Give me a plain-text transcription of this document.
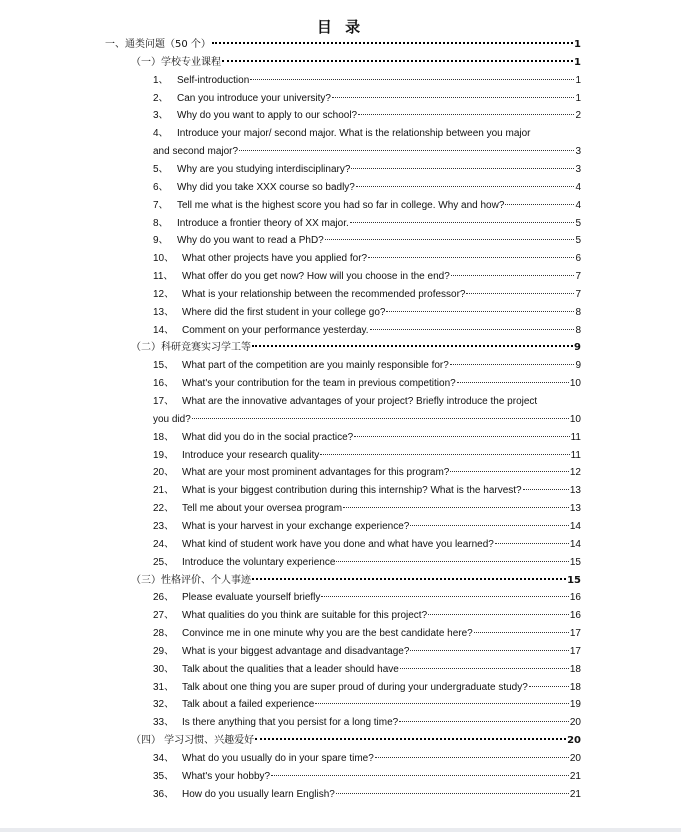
目 录
一、通类问题（50 个）	1
（一）学校专业课程	1
1、 Self-introduction	1
2、 Can you introduce your university?	1
3、 Why do you want to apply to our school?	2
4、 Introduce your major/ second major. What is the relationship between you major
and second major?	3
5、 Why are you studying interdisciplinary?	3
6、 Why did you take XXX course so badly?	4
7、 Tell me what is the highest score you had so far in college. Why and how?	4
8、 Introduce a frontier theory of XX major.	5
9、 Why do you want to read a PhD?	5
10、 What other projects have you applied for?	6
11、 What offer do you get now? How will you choose in the end?	7
12、 What is your relationship between the recommended professor?	7
13、 Where did the first student in your college go?	8
14、 Comment on your performance yesterday.	8
（二）科研竞赛实习学工等	9
15、 What part of the competition are you mainly responsible for?	9
16、 What's your contribution for the team in previous competition?	10
17、 What are the innovative advantages of your project? Briefly introduce the project
you did?	10
18、 What did you do in the social practice?	11
19、 Introduce your research quality	11
20、 What are your most prominent advantages for this program?	12
21、 What is your biggest contribution during this internship? What is the harvest?	13
22、 Tell me about your oversea program	13
23、 What is your harvest in your exchange experience?	14
24、 What kind of student work have you done and what have you learned?	14
25、 Introduce the voluntary experience	15
（三）性格评价、个人事迹	15
26、 Please evaluate yourself briefly	16
27、 What qualities do you think are suitable for this project?	16
28、 Convince me in one minute why you are the best candidate here?	17
29、 What is your biggest advantage and disadvantage?	17
30、 Talk about the qualities that a leader should have	18
31、 Talk about one thing you are super proud of during your undergraduate study?	18
32、 Talk about a failed experience	19
33、 Is there anything that you persist for a long time?	20
（四） 学习习惯、兴趣爱好	20
34、 What do you usually do in your spare time?	20
35、 What's your hobby?	21
36、 How do you usually learn English?	21
